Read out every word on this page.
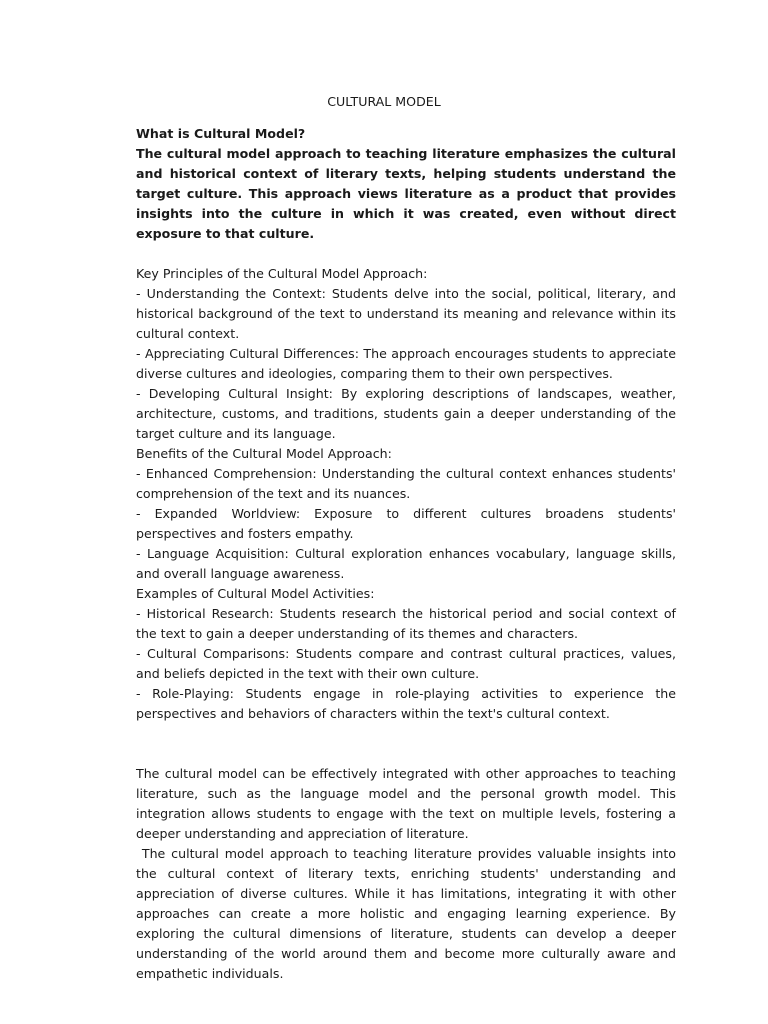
CULTURAL MODEL

What is Cultural Model?

The cultural model approach to teaching literature emphasizes the cultural and historical context of literary texts, helping students understand the target culture. This approach views literature as a product that provides insights into the culture in which it was created, even without direct exposure to that culture.

Key Principles of the Cultural Model Approach:

- Understanding the Context: Students delve into the social, political, literary, and historical background of the text to understand its meaning and relevance within its cultural context.

- Appreciating Cultural Differences: The approach encourages students to appreciate diverse cultures and ideologies, comparing them to their own perspectives.

- Developing Cultural Insight: By exploring descriptions of landscapes, weather, architecture, customs, and traditions, students gain a deeper understanding of the target culture and its language.

Benefits of the Cultural Model Approach:

- Enhanced Comprehension: Understanding the cultural context enhances students' comprehension of the text and its nuances.

- Expanded Worldview: Exposure to different cultures broadens students' perspectives and fosters empathy.

- Language Acquisition: Cultural exploration enhances vocabulary, language skills, and overall language awareness.

Examples of Cultural Model Activities:

- Historical Research: Students research the historical period and social context of the text to gain a deeper understanding of its themes and characters.

- Cultural Comparisons: Students compare and contrast cultural practices, values, and beliefs depicted in the text with their own culture.

- Role-Playing: Students engage in role-playing activities to experience the perspectives and behaviors of characters within the text's cultural context.

The cultural model can be effectively integrated with other approaches to teaching literature, such as the language model and the personal growth model. This integration allows students to engage with the text on multiple levels, fostering a deeper understanding and appreciation of literature.

The cultural model approach to teaching literature provides valuable insights into the cultural context of literary texts, enriching students' understanding and appreciation of diverse cultures. While it has limitations, integrating it with other approaches can create a more holistic and engaging learning experience. By exploring the cultural dimensions of literature, students can develop a deeper understanding of the world around them and become more culturally aware and empathetic individuals.
